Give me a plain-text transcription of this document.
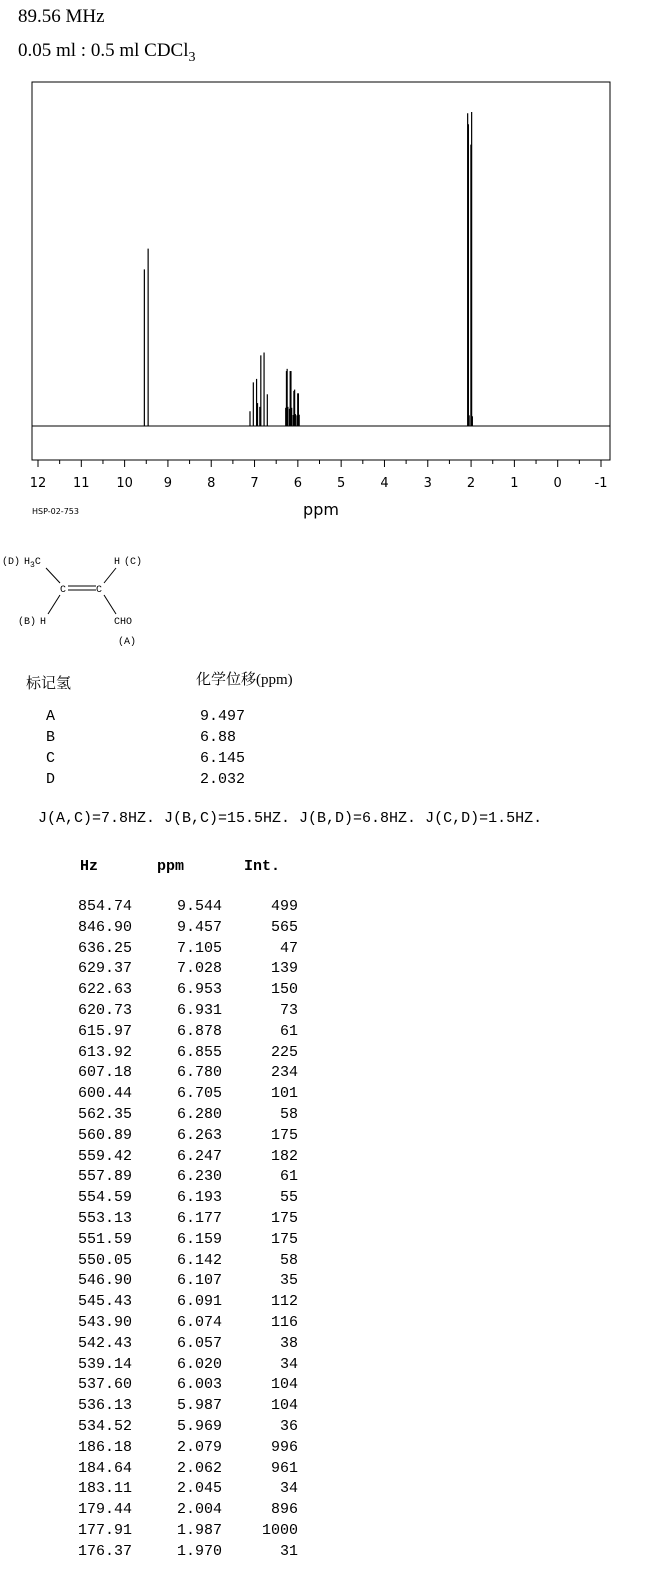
89.56 MHz
0.05 ml : 0.5 ml CDCl$_3$
12 11 10 9	8	7	6	5	4	3	2	1	0	-1
ppm
HSP-02-753
(D) $H_3C$	H (C)
C	C
(B) H	CHO
(A)
标记氢	化学位移(ppm)
A	9.497
B	6.88
C	6.145
D	2.032
J(A,C)=7.8HZ. J(B,C)=15.5HZ. J(B,D)=6.8HZ. J(C,D)=1.5HZ.
Hz	ppm	Int.
854.74	9.544	499
846.90	9.457	565
636.25	7.105	47
629.37	7.028	139
622.63	6.953	150
620.73	6.931	73
615.97	6.878	61
613.92	6.855	225
607.18	6.780	234
600.44	6.705	101
562.35	6.280	58
560.89	6.263	175
559.42	6.247	182
557.89	6.230	61
554.59	6.193	55
553.13	6.177	175
551.59	6.159	175
550.05	6.142	58
546.90	6.107	35
545.43	6.091	112
543.90	6.074	116
542.43	6.057	38
539.14	6.020	34
537.60	6.003	104
536.13	5.987	104
534.52	5.969	36
186.18	2.079	996
184.64	2.062	961
183.11	2.045	34
179.44	2.004	896
177.91	1.987	1000
176.37	1.970	31
